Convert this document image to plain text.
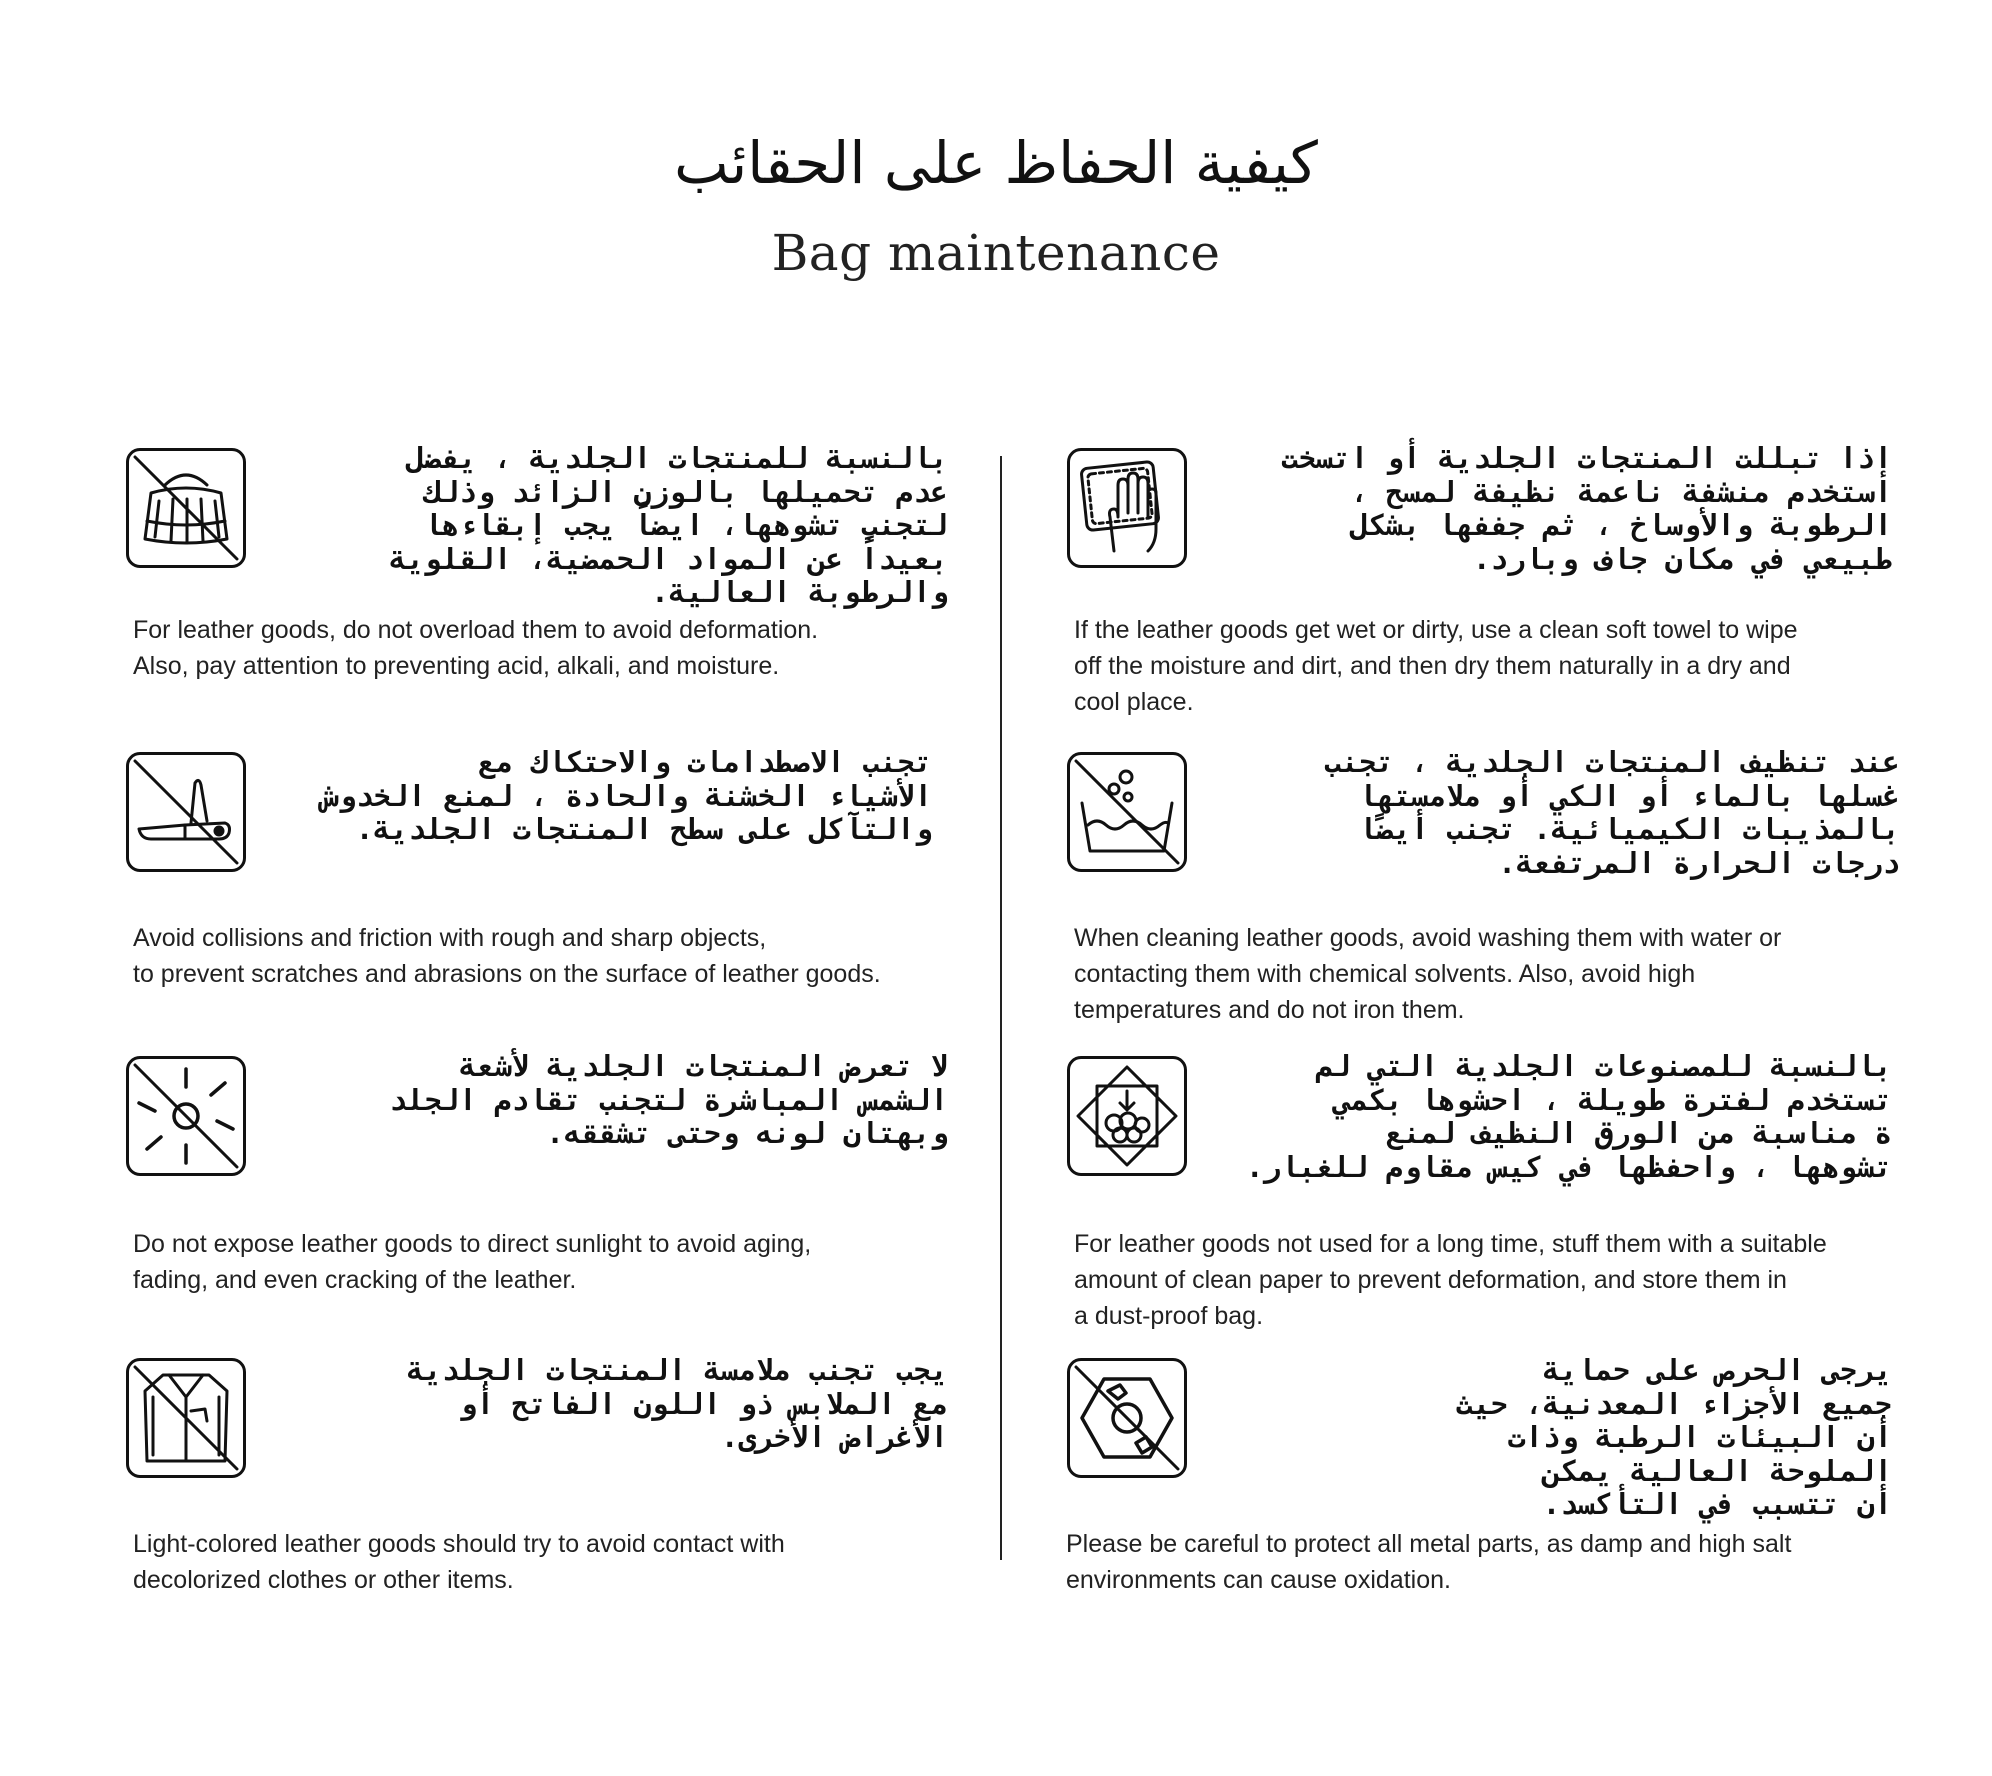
كيفية الحفاظ على الحقائب
Bag maintenance
بالنسبة للمنتجات الجلدية ، يفضل
عدم تحميلها بالوزن الزائد وذلك
لتجنب تشوهها، ايضاً يجب إبقاءها
بعيداً عن المواد الحمضية، القلوية
والرطوبة العالية.
For leather goods, do not overload them to avoid deformation.
Also, pay attention to preventing acid, alkali, and moisture.
إذا تبللت المنتجات الجلدية أو اتسخت
استخدم منشفة ناعمة نظيفة لمسح ،
الرطوبة والأوساخ ، ثم جففها بشكل
طبيعي في مكان جاف وبارد.
If the leather goods get wet or dirty, use a clean soft towel to wipe
off the moisture and dirt, and then dry them naturally in a dry and
cool place.
تجنب الاصطدامات والاحتكاك مع
الأشياء الخشنة والحادة ، لمنع الخدوش
والتآكل على سطح المنتجات الجلدية.
Avoid collisions and friction with rough and sharp objects,
to prevent scratches and abrasions on the surface of leather goods.
عند تنظيف المنتجات الجلدية ، تجنب
غسلها بالماء أو الكي أو ملامستها
بالمذيبات الكيميائية. تجنب أيضًا
درجات الحرارة المرتفعة.
When cleaning leather goods, avoid washing them with water or
contacting them with chemical solvents. Also, avoid high
temperatures and do not iron them.
لا تعرض المنتجات الجلدية لأشعة
الشمس المباشرة لتجنب تقادم الجلد
وبهتان لونه وحتى تشققه.
Do not expose leather goods to direct sunlight to avoid aging,
fading, and even cracking of the leather.
بالنسبة للمصنوعات الجلدية التي لم
تستخدم لفترة طويلة ، احشوها بكمي
ة مناسبة من الورق النظيف لمنع
تشوهها ، واحفظها في كيس مقاوم للغبار.
For leather goods not used for a long time, stuff them with a suitable
amount of clean paper to prevent deformation, and store them in
a dust-proof bag.
يجب تجنب ملامسة المنتجات الجلدية
مع الملابس ذو اللون الفاتح أو
الأغراض الأخرى.
Light-colored leather goods should try to avoid contact with
decolorized clothes or other items.
يرجى الحرص على حماية
جميع الأجزاء المعدنية، حيث
أن البيئات الرطبة وذات
الملوحة العالية يمكن
أن تتسبب في التأكسد.
Please be careful to protect all metal parts, as damp and high salt
environments can cause oxidation.
